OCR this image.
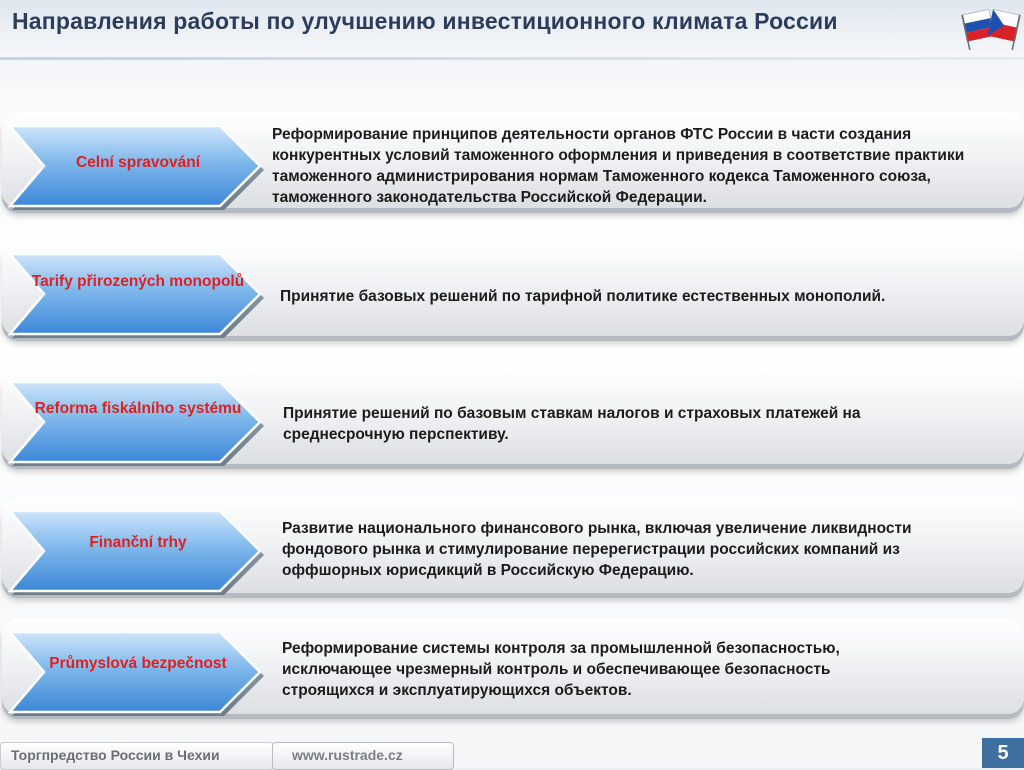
Направления работы по улучшению инвестиционного климата России
Celní spravování
Реформирование принципов деятельности органов ФТС России в части создания конкурентных условий таможенного оформления и приведения в соответствие практики таможенного администрирования нормам Таможенного кодекса Таможенного союза, таможенного законодательства Российской Федерации.
Tarify přirozených monopolů
Принятие базовых решений по тарифной политике естественных монополий.
Reforma fiskálního systému	Принятие решений по базовым ставкам налогов и страховых платежей на среднесрочную перспективу.
Finanční trhy
Развитие национального финансового рынка, включая увеличение ликвидности фондового рынка и стимулирование перерегистрации российских компаний из оффшорных юрисдикций в Российскую Федерацию.
Průmyslová bezpečnost
Реформирование системы контроля за промышленной безопасностью, исключающее чрезмерный контроль и обеспечивающее безопасность строящихся и эксплуатирующихся объектов.
Торгпредство России в Чехии	www.rustrade.cz	5
